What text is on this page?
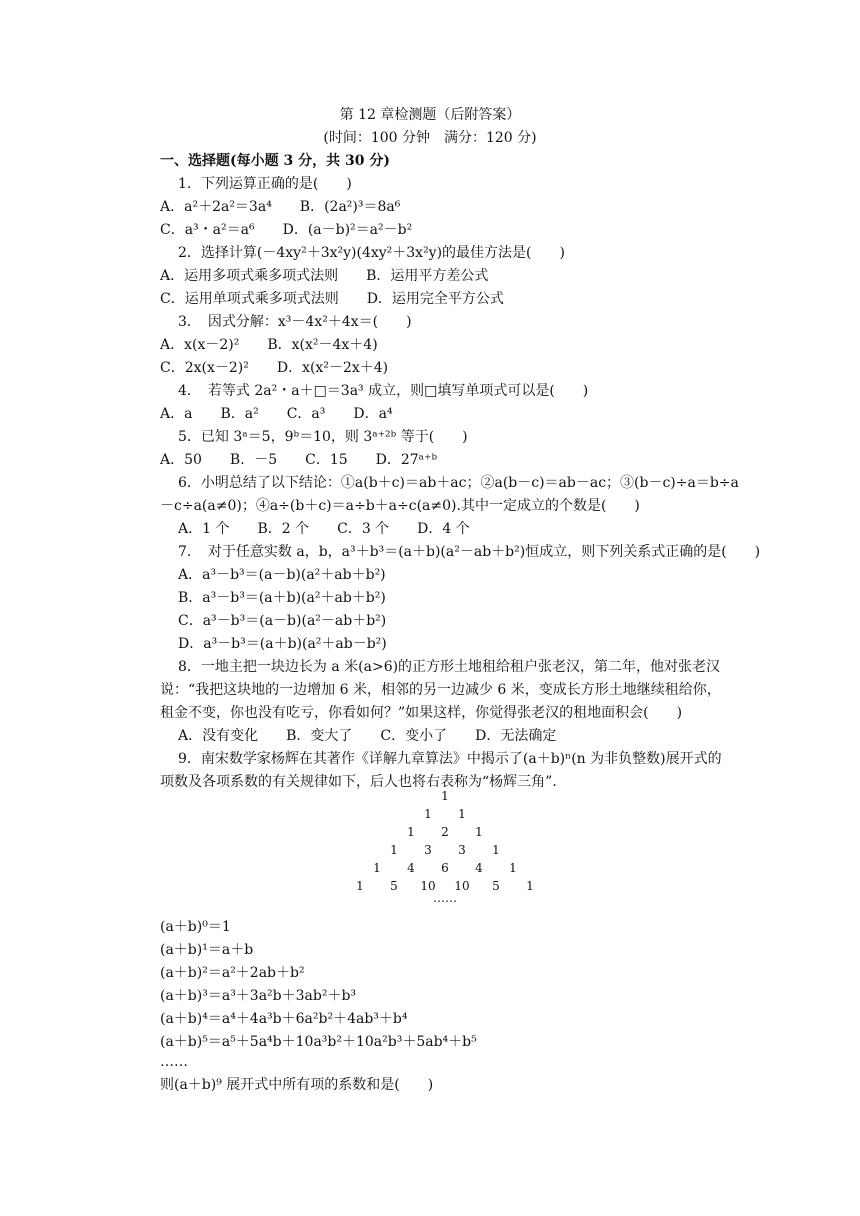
第 12 章检测题（后附答案）
(时间：100 分钟　满分：120 分)
一、选择题(每小题 3 分，共 30 分)
1．下列运算正确的是(　　)
A．a²＋2a²＝3a⁴　　B．(2a²)³＝8a⁶
C．a³・a²＝a⁶　　D．(a－b)²＝a²－b²
2．选择计算(－4xy²＋3x²y)(4xy²＋3x²y)的最佳方法是(　　)
A．运用多项式乘多项式法则　　B．运用平方差公式
C．运用单项式乘多项式法则　　D．运用完全平方公式
3．　因式分解：x³－4x²＋4x＝(　　)
A．x(x－2)²　　B．x(x²－4x＋4)
C．2x(x－2)²　　D．x(x²－2x＋4)
4．　若等式 2a²・a＋□＝3a³ 成立，则□填写单项式可以是(　　)
A．a　　B．a²　　C．a³　　D．a⁴
5．已知 3ᵃ＝5，9ᵇ＝10，则 3ᵃ⁺²ᵇ 等于(　　)
A．50　　B．－5　　C．15　　D．27ᵃ⁺ᵇ
6．小明总结了以下结论：①a(b＋c)＝ab＋ac；②a(b－c)＝ab－ac；③(b－c)÷a＝b÷a
－c÷a(a≠0)；④a÷(b＋c)＝a÷b＋a÷c(a≠0).其中一定成立的个数是(　　)
A．1 个　　B．2 个　　C．3 个　　D．4 个
7．　对于任意实数 a，b，a³＋b³＝(a＋b)(a²－ab＋b²)恒成立，则下列关系式正确的是(　　)
A．a³－b³＝(a－b)(a²＋ab＋b²)
B．a³－b³＝(a＋b)(a²＋ab＋b²)
C．a³－b³＝(a－b)(a²－ab＋b²)
D．a³－b³＝(a＋b)(a²＋ab－b²)
8．一地主把一块边长为 a 米(a>6)的正方形土地租给租户张老汉，第二年，他对张老汉
说：“我把这块地的一边增加 6 米，相邻的另一边减少 6 米，变成长方形土地继续租给你，
租金不变，你也没有吃亏，你看如何？”如果这样，你觉得张老汉的租地面积会(　　)
A．没有变化　　B．变大了　　C．变小了　　D．无法确定
9．南宋数学家杨辉在其著作《详解九章算法》中揭示了(a＋b)ⁿ(n 为非负整数)展开式的
项数及各项系数的有关规律如下，后人也将右表称为“杨辉三角”.
1
1 1
1 2 1
1 3 3 1
1 4 6 4 1
1 5 10 10 5 1
……
(a＋b)⁰＝1
(a＋b)¹＝a＋b
(a＋b)²＝a²＋2ab＋b²
(a＋b)³＝a³＋3a²b＋3ab²＋b³
(a＋b)⁴＝a⁴＋4a³b＋6a²b²＋4ab³＋b⁴
(a＋b)⁵＝a⁵＋5a⁴b＋10a³b²＋10a²b³＋5ab⁴＋b⁵
……
则(a＋b)⁹ 展开式中所有项的系数和是(　　)
